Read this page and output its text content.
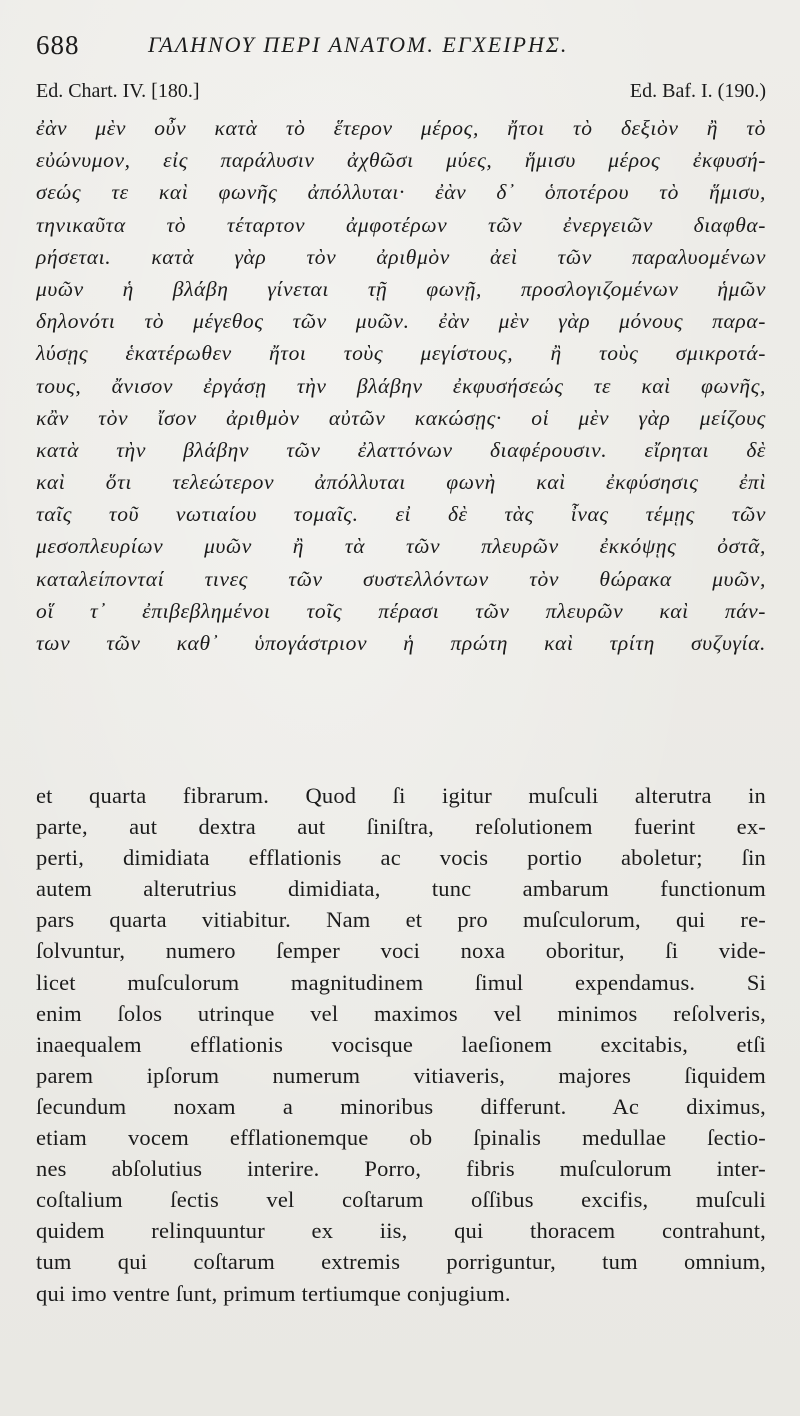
688	ΓΑΛΗΝΟΥ ΠΕΡΙ ΑΝΑΤΟΜ. ΕΓΧΕΙΡΗΣ.
Ed. Chart. IV. [180.]	Ed. Baf. I. (190.)
ἐὰν μὲν οὖν κατὰ τὸ ἕτερον μέρος, ἤτοι τὸ δεξιὸν ἢ τὸ
εὐώνυμον, εἰς παράλυσιν ἀχθῶσι μύες, ἥμισυ μέρος ἐκφυσή-
σεώς τε καὶ φωνῆς ἀπόλλυται· ἐὰν δ᾽ ὁποτέρου τὸ ἥμισυ,
τηνικαῦτα τὸ τέταρτον ἀμφοτέρων τῶν ἐνεργειῶν διαφθα-
ρήσεται. κατὰ γὰρ τὸν ἀριθμὸν ἀεὶ τῶν παραλυομένων
μυῶν ἡ βλάβη γίνεται τῇ φωνῇ, προσλογιζομένων ἡμῶν
δηλονότι τὸ μέγεθος τῶν μυῶν. ἐὰν μὲν γὰρ μόνους παρα-
λύσῃς ἑκατέρωθεν ἤτοι τοὺς μεγίστους, ἢ τοὺς σμικροτά-
τους, ἄνισον ἐργάσῃ τὴν βλάβην ἐκφυσήσεώς τε καὶ φωνῆς,
κἂν τὸν ἴσον ἀριθμὸν αὐτῶν κακώσῃς· οἱ μὲν γὰρ μείζους
κατὰ τὴν βλάβην τῶν ἐλαττόνων διαφέρουσιν. εἴρηται δὲ
καὶ ὅτι τελεώτερον ἀπόλλυται φωνὴ καὶ ἐκφύσησις ἐπὶ
ταῖς τοῦ νωτιαίου τομαῖς. εἰ δὲ τὰς ἶνας τέμῃς τῶν
μεσοπλευρίων μυῶν ἢ τὰ τῶν πλευρῶν ἐκκόψῃς ὀστᾶ,
καταλείπονταί τινες τῶν συστελλόντων τὸν θώρακα μυῶν,
οἵ τ᾽ ἐπιβεβλημένοι τοῖς πέρασι τῶν πλευρῶν καὶ πάν-
των τῶν καθ᾽ ὑπογάστριον ἡ πρώτη καὶ τρίτη συζυγία.
et quarta fibrarum. Quod ſi igitur muſculi alterutra in
parte, aut dextra aut ſiniſtra, reſolutionem fuerint ex-
perti, dimidiata efflationis ac vocis portio aboletur; ſin
autem alterutrius dimidiata, tunc ambarum functionum
pars quarta vitiabitur. Nam et pro muſculorum, qui re-
ſolvuntur, numero ſemper voci noxa oboritur, ſi vide-
licet muſculorum magnitudinem ſimul expendamus. Si
enim ſolos utrinque vel maximos vel minimos reſolveris,
inaequalem efflationis vocisque laeſionem excitabis, etſi
parem ipſorum numerum vitiaveris, majores ſiquidem
ſecundum noxam a minoribus differunt. Ac diximus,
etiam vocem efflationemque ob ſpinalis medullae ſectio-
nes abſolutius interire. Porro, fibris muſculorum inter-
coſtalium ſectis vel coſtarum oſſibus excifis, muſculi
quidem relinquuntur ex iis, qui thoracem contrahunt,
tum qui coſtarum extremis porriguntur, tum omnium,
qui imo ventre ſunt, primum tertiumque conjugium.
